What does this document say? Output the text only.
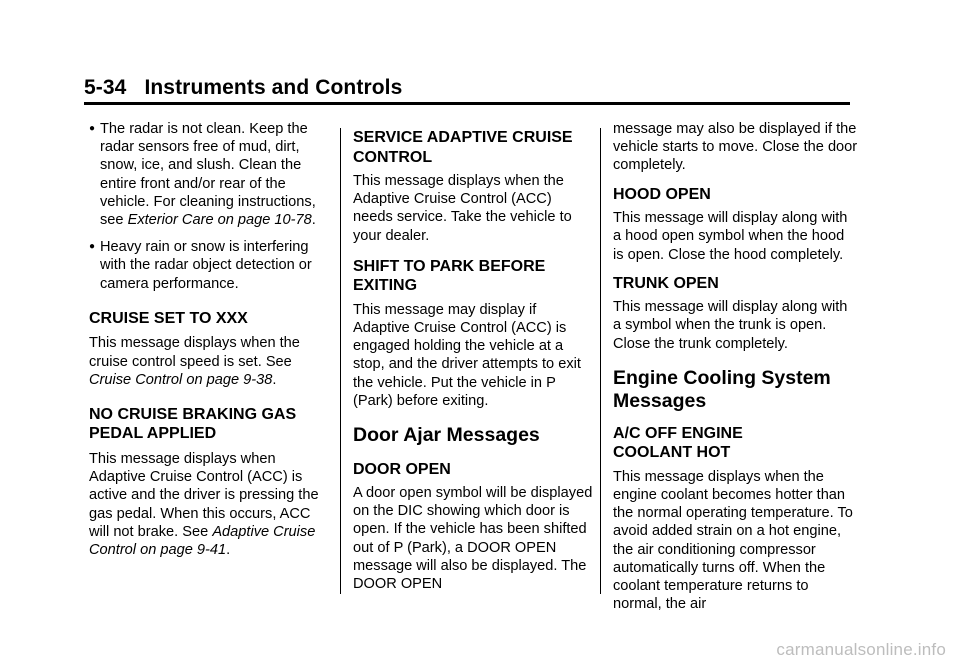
5-34 Instruments and Controls

● The radar is not clean. Keep the radar sensors free of mud, dirt, snow, ice, and slush. Clean the entire front and/or rear of the vehicle. For cleaning instructions, see Exterior Care on page 10-78.

● Heavy rain or snow is interfering with the radar object detection or camera performance.

CRUISE SET TO XXX

This message displays when the cruise control speed is set. See Cruise Control on page 9-38.

NO CRUISE BRAKING GAS
PEDAL APPLIED

This message displays when Adaptive Cruise Control (ACC) is active and the driver is pressing the gas pedal. When this occurs, ACC will not brake. See Adaptive Cruise Control on page 9-41.

SERVICE ADAPTIVE CRUISE
CONTROL

This message displays when the Adaptive Cruise Control (ACC) needs service. Take the vehicle to your dealer.

SHIFT TO PARK BEFORE
EXITING

This message may display if Adaptive Cruise Control (ACC) is engaged holding the vehicle at a stop, and the driver attempts to exit the vehicle. Put the vehicle in P (Park) before exiting.

Door Ajar Messages
DOOR OPEN

A door open symbol will be displayed on the DIC showing which door is open. If the vehicle has been shifted out of P (Park), a DOOR OPEN message will also be displayed. The DOOR OPEN

message may also be displayed if the vehicle starts to move. Close the door completely.

HOOD OPEN

This message will display along with a hood open symbol when the hood is open. Close the hood completely.

TRUNK OPEN

This message will display along with a symbol when the trunk is open. Close the trunk completely.

Engine Cooling System
Messages
A/C OFF ENGINE
COOLANT HOT

This message displays when the engine coolant becomes hotter than the normal operating temperature. To avoid added strain on a hot engine, the air conditioning compressor automatically turns off. When the coolant temperature returns to normal, the air

carmanualsonline.info
